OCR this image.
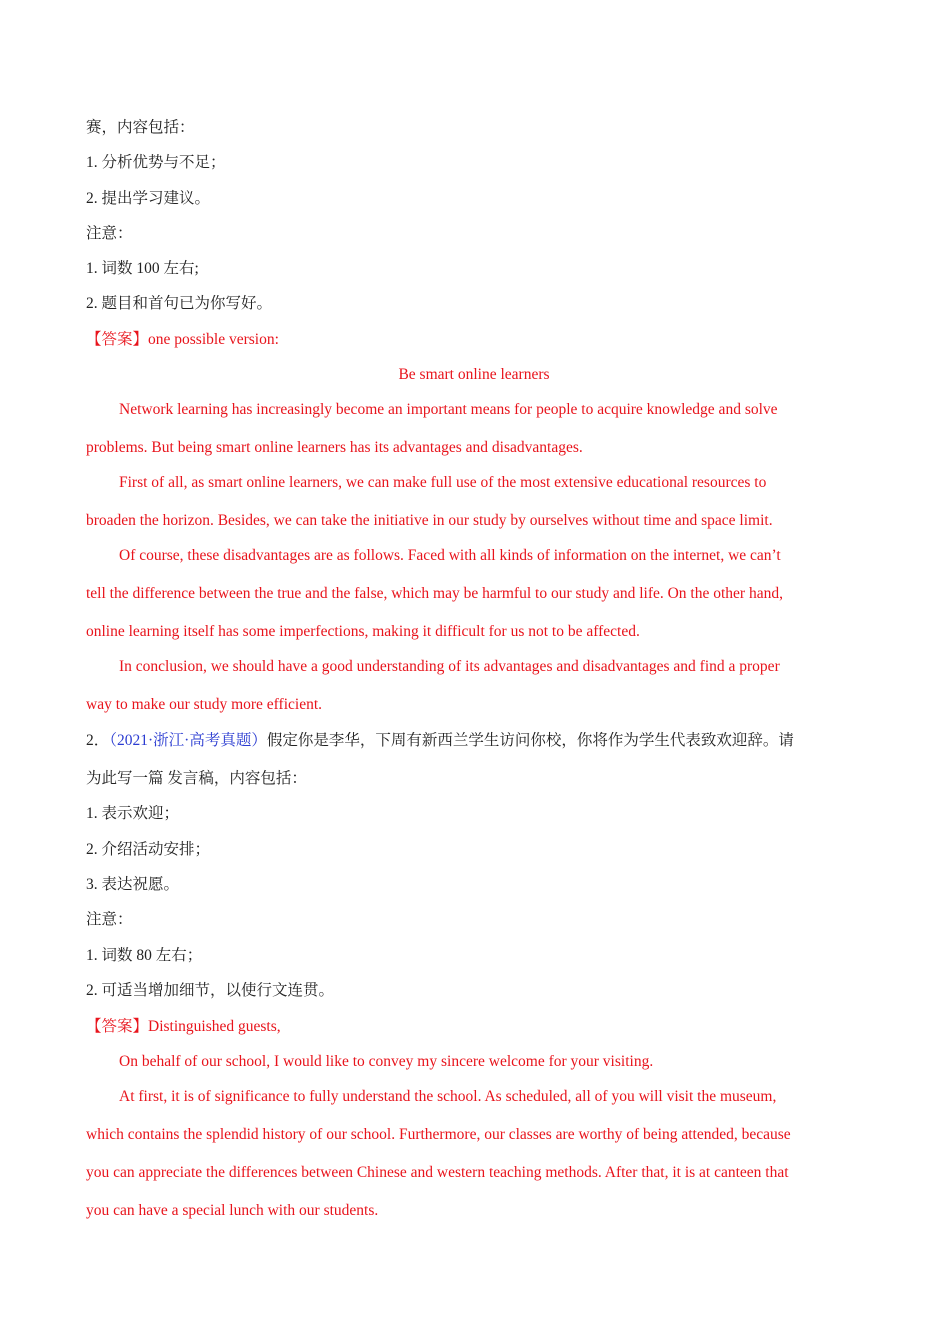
赛，内容包括：
1. 分析优势与不足；
2. 提出学习建议。
注意：
1. 词数 100 左右;
2. 题目和首句已为你写好。
【答案】one possible version:
Be smart online learners
Network learning has increasingly become an important means for people to acquire knowledge and solve
problems. But being smart online learners has its advantages and disadvantages.
First of all, as smart online learners, we can make full use of the most extensive educational resources to
broaden the horizon. Besides, we can take the initiative in our study by ourselves without time and space limit.
Of course, these disadvantages are as follows. Faced with all kinds of information on the internet, we can’t
tell the difference between the true and the false, which may be harmful to our study and life. On the other hand,
online learning itself has some imperfections, making it difficult for us not to be affected.
In conclusion, we should have a good understanding of its advantages and disadvantages and find a proper
way to make our study more efficient.
2．（2021·浙江·高考真题）假定你是李华，下周有新西兰学生访问你校，你将作为学生代表致欢迎辞。请
为此写一篇 发言稿，内容包括：
1. 表示欢迎；
2. 介绍活动安排；
3. 表达祝愿。
注意：
1. 词数 80 左右；
2. 可适当增加细节，以使行文连贯。
【答案】Distinguished guests,
On behalf of our school, I would like to convey my sincere welcome for your visiting.
At first, it is of significance to fully understand the school. As scheduled, all of you will visit the museum,
which contains the splendid history of our school. Furthermore, our classes are worthy of being attended, because
you can appreciate the differences between Chinese and western teaching methods. After that, it is at canteen that
you can have a special lunch with our students.
